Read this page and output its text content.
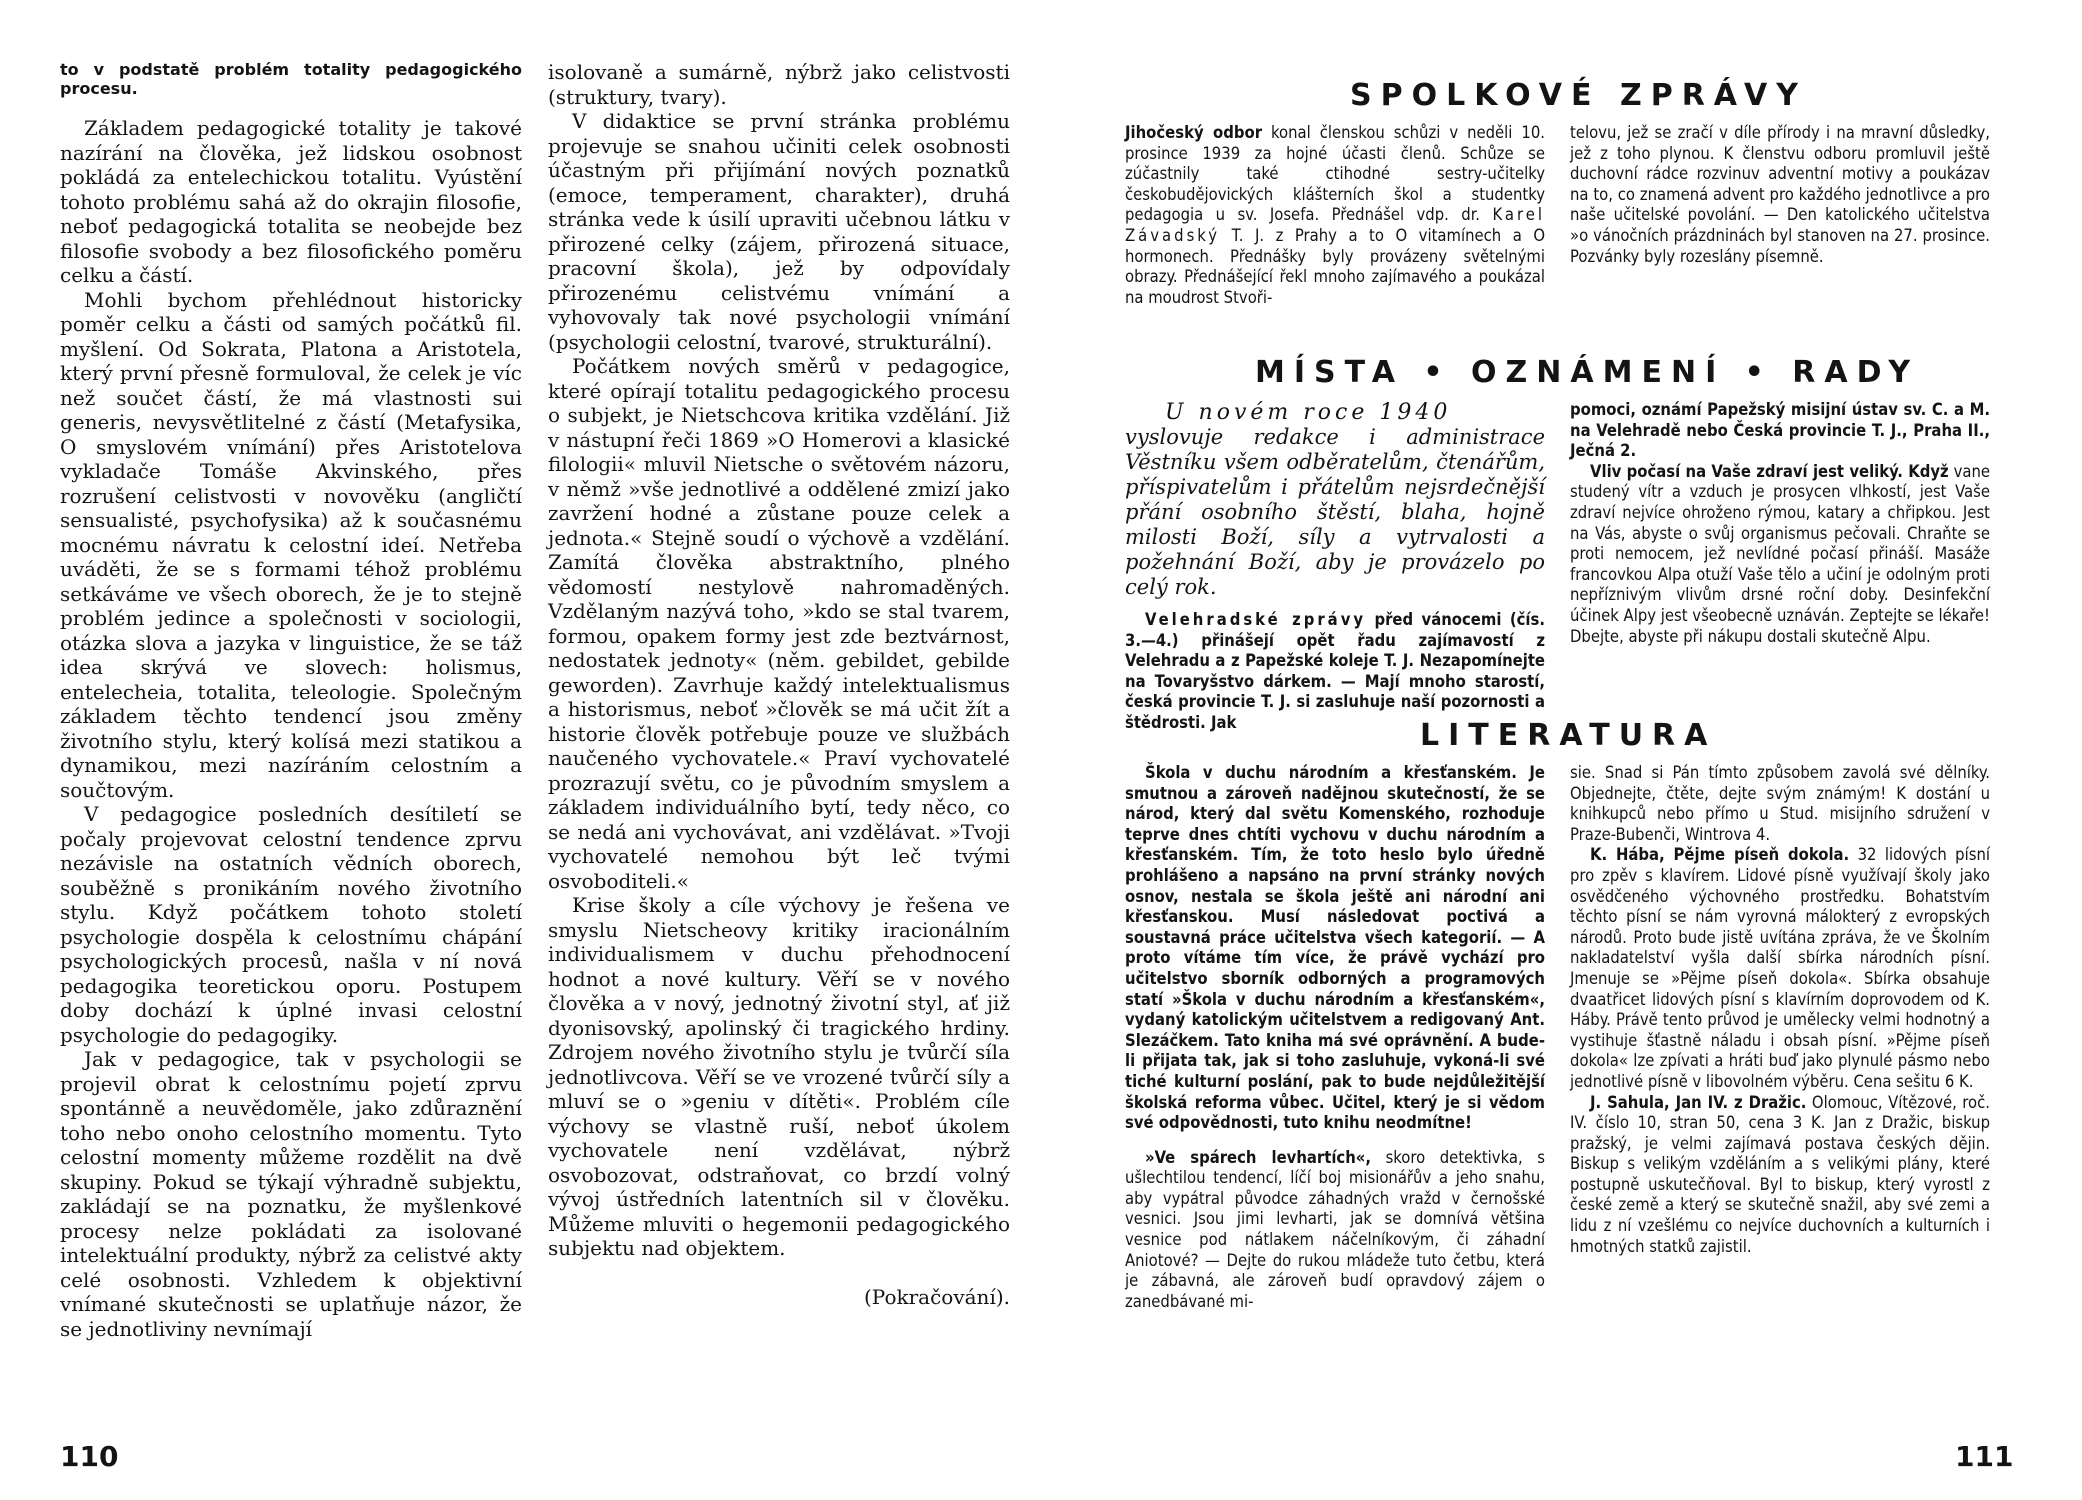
to v podstatě problém totality pedagogického procesu.

Základem pedagogické totality je takové nazírání na člověka, jež lidskou osobnost pokládá za entelechickou totalitu. Vyústění tohoto problému sahá až do okrajin filosofie, neboť pedagogická totalita se neobejde bez filosofie svobody a bez filosofického poměru celku a částí.

Mohli bychom přehlédnout historicky poměr celku a části od samých počátků fil. myšlení. Od Sokrata, Platona a Aristotela, který první přesně formuloval, že celek je víc než součet částí, že má vlastnosti sui generis, nevysvětlitelné z částí (Metafysika, O smyslovém vnímání) přes Aristotelova vykladače Tomáše Akvinského, přes rozrušení celistvosti v novověku (angličtí sensualisté, psychofysika) až k současnému mocnému návratu k celostní ideí. Netřeba uváděti, že se s formami téhož problému setkáváme ve všech oborech, že je to stejně problém jedince a společnosti v sociologii, otázka slova a jazyka v linguistice, že se táž idea skrývá ve slovech: holismus, entelecheia, totalita, teleologie. Společným základem těchto tendencí jsou změny životního stylu, který kolísá mezi statikou a dynamikou, mezi nazíráním celostním a součtovým.

V pedagogice posledních desítiletí se počaly projevovat celostní tendence zprvu nezávisle na ostatních vědních oborech, souběžně s pronikáním nového životního stylu. Když počátkem tohoto století psychologie dospěla k celostnímu chápání psychologických procesů, našla v ní nová pedagogika teoretickou oporu. Postupem doby dochází k úplné invasi celostní psychologie do pedagogiky.

Jak v pedagogice, tak v psychologii se projevil obrat k celostnímu pojetí zprvu spontánně a neuvědoměle, jako zdůraznění toho nebo onoho celostního momentu. Tyto celostní momenty můžeme rozdělit na dvě skupiny. Pokud se týkají výhradně subjektu, zakládají se na poznatku, že myšlenkové procesy nelze pokládati za isolované intelektuální produkty, nýbrž za celistvé akty celé osobnosti. Vzhledem k objektivní vnímané skutečnosti se uplatňuje názor, že se jednotliviny nevnímají

isolovaně a sumárně, nýbrž jako celistvosti (struktury, tvary).

V didaktice se první stránka problému projevuje se snahou učiniti celek osobnosti účastným při přijímání nových poznatků (emoce, temperament, charakter), druhá stránka vede k úsilí upraviti učebnou látku v přirozené celky (zájem, přirozená situace, pracovní škola), jež by odpovídaly přirozenému celistvému vnímání a vyhovovaly tak nové psychologii vnímání (psychologii celostní, tvarové, strukturální).

Počátkem nových směrů v pedagogice, které opírají totalitu pedagogického procesu o subjekt, je Nietschcova kritika vzdělání. Již v nástupní řeči 1869 »O Homerovi a klasické filologii« mluvil Nietsche o světovém názoru, v němž »vše jednotlivé a oddělené zmizí jako zavržení hodné a zůstane pouze celek a jednota.« Stejně soudí o výchově a vzdělání. Zamítá člověka abstraktního, plného vědomostí nestylově nahromaděných. Vzdělaným nazývá toho, »kdo se stal tvarem, formou, opakem formy jest zde beztvárnost, nedostatek jednoty« (něm. gebildet, gebilde geworden). Zavrhuje každý intelektualismus a historismus, neboť »člověk se má učit žít a historie člověk potřebuje pouze ve službách naučeného vychovatele.« Praví vychovatelé prozrazují světu, co je původním smyslem a základem individuálního bytí, tedy něco, co se nedá ani vychovávat, ani vzdělávat. »Tvoji vychovatelé nemohou být leč tvými osvoboditeli.«

Krise školy a cíle výchovy je řešena ve smyslu Nietscheovy kritiky iracionálním individualismem v duchu přehodnocení hodnot a nové kultury. Věří se v nového člověka a v nový, jednotný životní styl, ať již dyonisovský, apolinský či tragického hrdiny. Zdrojem nového životního stylu je tvůrčí síla jednotlivcova. Věří se ve vrozené tvůrčí síly a mluví se o »geniu v dítěti«. Problém cíle výchovy se vlastně ruší, neboť úkolem vychovatele není vzdělávat, nýbrž osvobozovat, odstraňovat, co brzdí volný vývoj ústředních latentních sil v člověku. Můžeme mluviti o hegemonii pedagogického subjektu nad objektem.

(Pokračování).

110
SPOLKOVÉ ZPRÁVY

Jihočeský odbor konal členskou schůzi v neděli 10. prosince 1939 za hojné účasti členů. Schůze se zúčastnily také ctihodné sestry-učitelky českobudějovických klášterních škol a studentky pedagogia u sv. Josefa. Přednášel vdp. dr. Karel Závadský T. J. z Prahy a to O vitamínech a O hormonech. Přednášky byly provázeny světelnými obrazy. Přednášející řekl mnoho zajímavého a poukázal na moudrost Stvoři-

telovu, jež se zračí v díle přírody i na mravní důsledky, jež z toho plynou. K členstvu odboru promluvil ještě duchovní rádce rozvinuv adventní motivy a poukázav na to, co znamená advent pro každého jednotlivce a pro naše učitelské povolání. — Den katolického učitelstva »o vánočních prázdninách byl stanoven na 27. prosince. Pozvánky byly rozeslány písemně.

MÍSTA • OZNÁMENÍ • RADY

U novém roce 1940
vyslovuje redakce i administrace Věstníku všem odběratelům, čtenářům, příspivatelům i přátelům nejsrdečnější přání osobního štěstí, blaha, hojně milosti Boží, síly a vytrvalosti a požehnání Boží, aby je provázelo po celý rok.

Velehradské zprávy před vánocemi (čís. 3.—4.) přinášejí opět řadu zajímavostí z Velehradu a z Papežské koleje T. J. Nezapomínejte na Tovaryšstvo dárkem. — Mají mnoho starostí, česká provincie T. J. si zasluhuje naší pozornosti a štědrosti. Jak

pomoci, oznámí Papežský misijní ústav sv. C. a M. na Velehradě nebo Česká provincie T. J., Praha II., Ječná 2.

Vliv počasí na Vaše zdraví jest veliký. Když vane studený vítr a vzduch je prosycen vlhkostí, jest Vaše zdraví nejvíce ohroženo rýmou, katary a chřipkou. Jest na Vás, abyste o svůj organismus pečovali. Chraňte se proti nemocem, jež nevlídné počasí přináší. Masáže francovkou Alpa otuží Vaše tělo a učiní je odolným proti nepříznivým vlivům drsné roční doby. Desinfekční účinek Alpy jest všeobecně uznáván. Zeptejte se lékaře! Dbejte, abyste při nákupu dostali skutečně Alpu.

LITERATURA

Škola v duchu národním a křesťanském. Je smutnou a zároveň nadějnou skutečností, že se národ, který dal světu Komenského, rozhoduje teprve dnes chtíti vychovu v duchu národním a křesťanském. Tím, že toto heslo bylo úředně prohlášeno a napsáno na první stránky nových osnov, nestala se škola ještě ani národní ani křesťanskou. Musí následovat poctivá a soustavná práce učitelstva všech kategorií. — A proto vítáme tím více, že právě vychází pro učitelstvo sborník odborných a programových statí »Škola v duchu národním a křesťanském«, vydaný katolickým učitelstvem a redigovaný Ant. Slezáčkem. Tato kniha má své oprávnění. A bude-li přijata tak, jak si toho zasluhuje, vykoná-li své tiché kulturní poslání, pak to bude nejdůležitější školská reforma vůbec. Učitel, který je si vědom své odpovědnosti, tuto knihu neodmítne!

»Ve spárech levhartích«, skoro detektivka, s ušlechtilou tendencí, líčí boj misionářův a jeho snahu, aby vypátral původce záhadných vražd v černošské vesnici. Jsou jimi levharti, jak se domnívá většina vesnice pod nátlakem náčelníkovým, či záhadní Aniotové? — Dejte do rukou mládeže tuto četbu, která je zábavná, ale zároveň budí opravdový zájem o zanedbávané mi-

sie. Snad si Pán tímto způsobem zavolá své dělníky. Objednejte, čtěte, dejte svým známým! K dostání u knihkupců nebo přímo u Stud. misijního sdružení v Praze-Bubenči, Wintrova 4.

K. Hába, Pějme píseň dokola. 32 lidových písní pro zpěv s klavírem. Lidové písně využívají školy jako osvědčeného výchovného prostředku. Bohatstvím těchto písní se nám vyrovná málokterý z evropských národů. Proto bude jistě uvítána zpráva, že ve Školním nakladatelství vyšla další sbírka národních písní. Jmenuje se »Pějme píseň dokola«. Sbírka obsahuje dvaatřicet lidových písní s klavírním doprovodem od K. Háby. Právě tento průvod je umělecky velmi hodnotný a vystihuje šťastně náladu i obsah písní. »Pějme píseň dokola« lze zpívati a hráti buď jako plynulé pásmo nebo jednotlivé písně v libovolném výběru. Cena sešitu 6 K.

J. Sahula, Jan IV. z Dražic. Olomouc, Vítězové, roč. IV. číslo 10, stran 50, cena 3 K. Jan z Dražic, biskup pražský, je velmi zajímavá postava českých dějin. Biskup s velikým vzděláním a s velikými plány, které postupně uskutečňoval. Byl to biskup, který vyrostl z české země a který se skutečně snažil, aby své zemi a lidu z ní vzešlému co nejvíce duchovních a kulturních i hmotných statků zajistil.

111
